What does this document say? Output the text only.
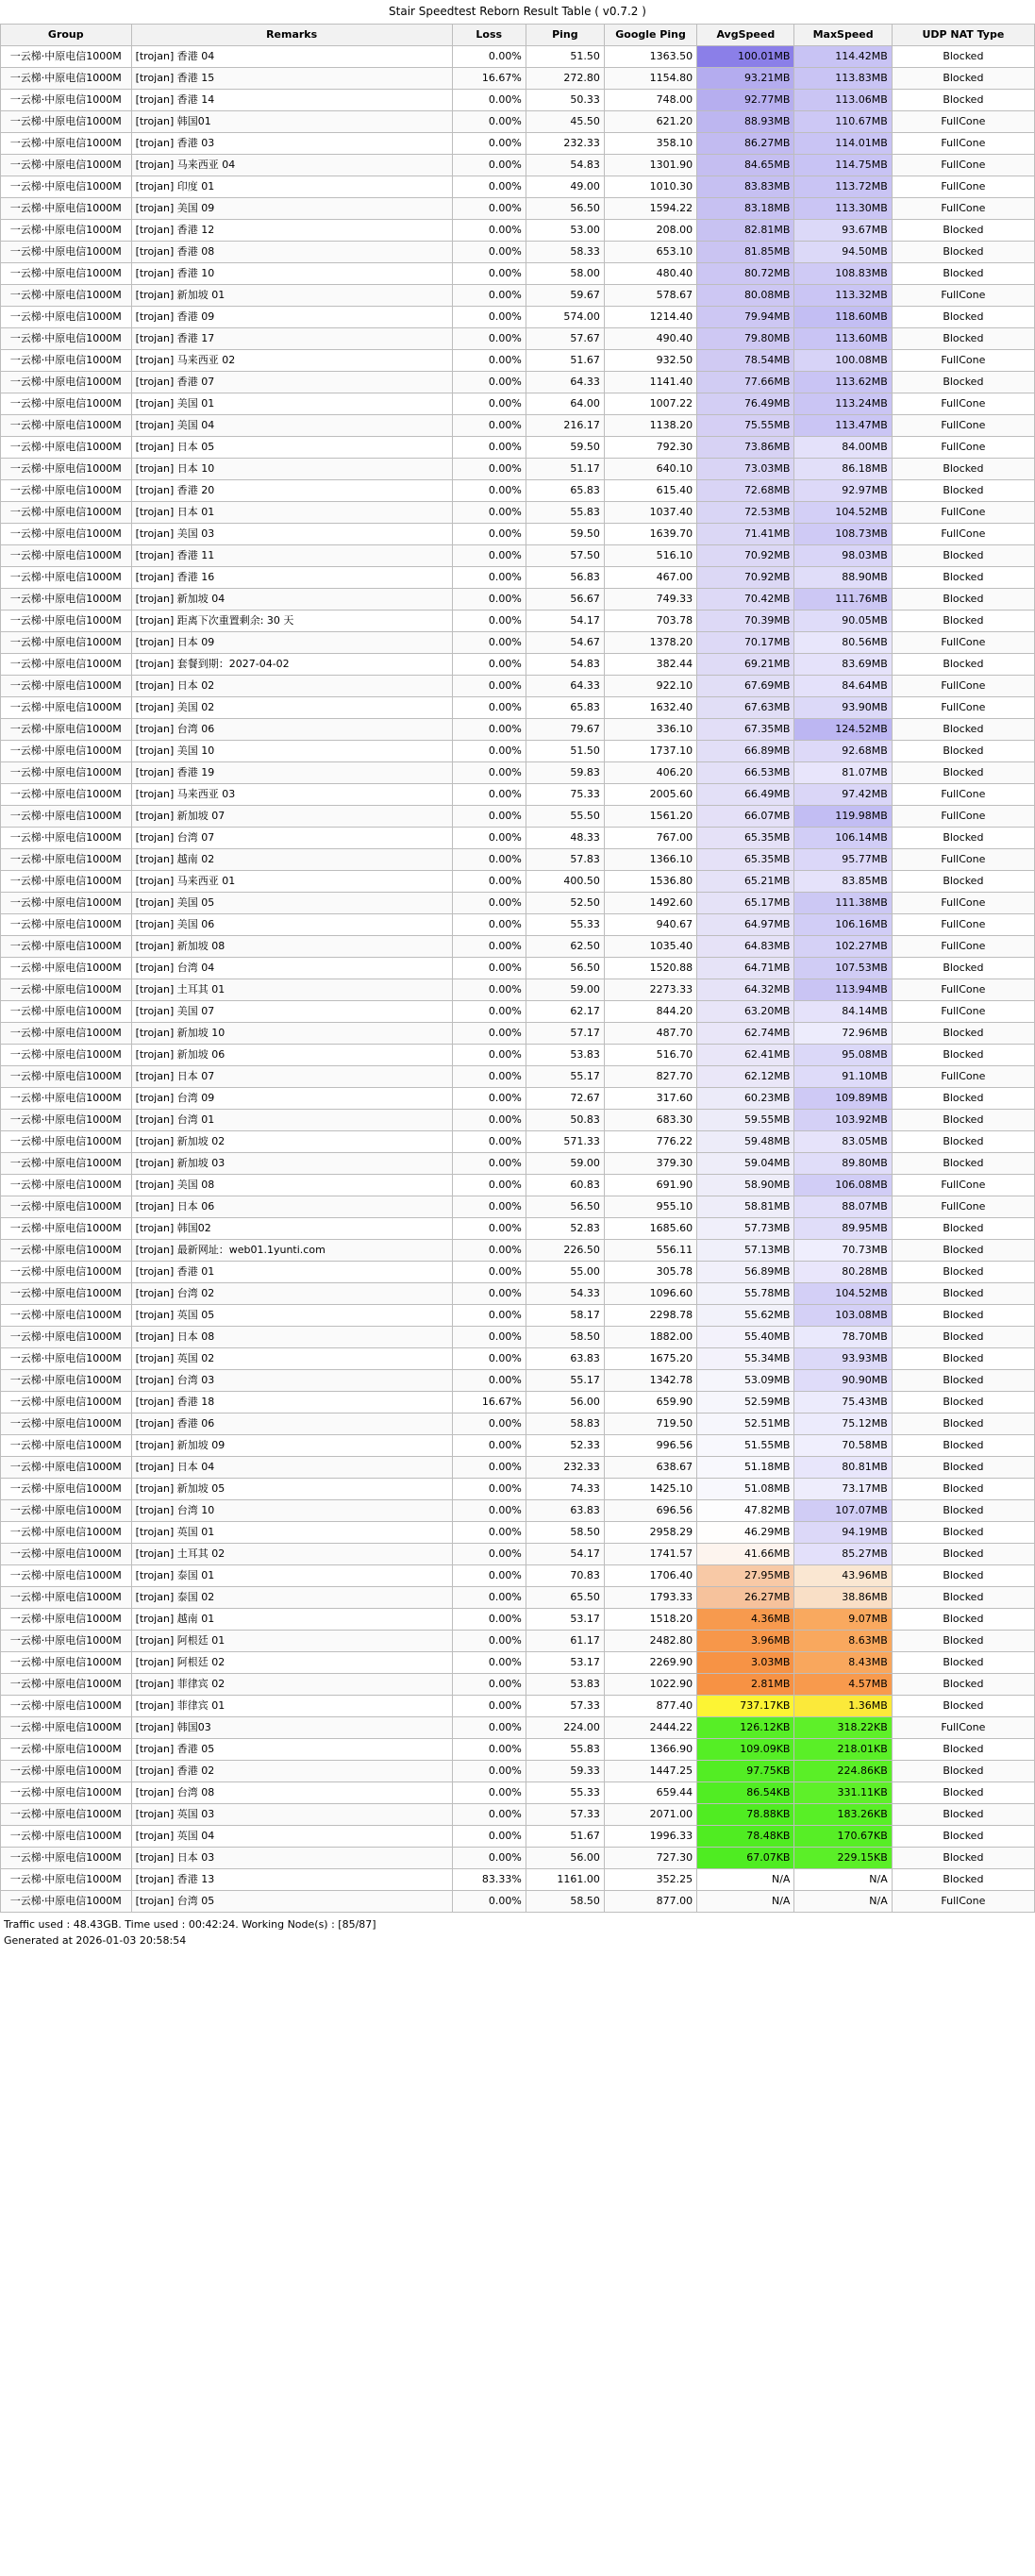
Stair Speedtest Reborn Result Table ( v0.7.2 )
Group	Remarks	Loss	Ping	Google Ping	AvgSpeed	MaxSpeed	UDP NAT Type
一云梯·中原电信1000M	[trojan] 香港 04	0.00%	51.50	1363.50	100.01MB	114.42MB	Blocked
一云梯·中原电信1000M	[trojan] 香港 15	16.67%	272.80	1154.80	93.21MB	113.83MB	Blocked
一云梯·中原电信1000M	[trojan] 香港 14	0.00%	50.33	748.00	92.77MB	113.06MB	Blocked
一云梯·中原电信1000M	[trojan] 韩国01	0.00%	45.50	621.20	88.93MB	110.67MB	FullCone
一云梯·中原电信1000M	[trojan] 香港 03	0.00%	232.33	358.10	86.27MB	114.01MB	FullCone
一云梯·中原电信1000M	[trojan] 马来西亚 04	0.00%	54.83	1301.90	84.65MB	114.75MB	FullCone
一云梯·中原电信1000M	[trojan] 印度 01	0.00%	49.00	1010.30	83.83MB	113.72MB	FullCone
一云梯·中原电信1000M	[trojan] 美国 09	0.00%	56.50	1594.22	83.18MB	113.30MB	FullCone
一云梯·中原电信1000M	[trojan] 香港 12	0.00%	53.00	208.00	82.81MB	93.67MB	Blocked
一云梯·中原电信1000M	[trojan] 香港 08	0.00%	58.33	653.10	81.85MB	94.50MB	Blocked
一云梯·中原电信1000M	[trojan] 香港 10	0.00%	58.00	480.40	80.72MB	108.83MB	Blocked
一云梯·中原电信1000M	[trojan] 新加坡 01	0.00%	59.67	578.67	80.08MB	113.32MB	FullCone
一云梯·中原电信1000M	[trojan] 香港 09	0.00%	574.00	1214.40	79.94MB	118.60MB	Blocked
一云梯·中原电信1000M	[trojan] 香港 17	0.00%	57.67	490.40	79.80MB	113.60MB	Blocked
一云梯·中原电信1000M	[trojan] 马来西亚 02	0.00%	51.67	932.50	78.54MB	100.08MB	FullCone
一云梯·中原电信1000M	[trojan] 香港 07	0.00%	64.33	1141.40	77.66MB	113.62MB	Blocked
一云梯·中原电信1000M	[trojan] 美国 01	0.00%	64.00	1007.22	76.49MB	113.24MB	FullCone
一云梯·中原电信1000M	[trojan] 美国 04	0.00%	216.17	1138.20	75.55MB	113.47MB	FullCone
一云梯·中原电信1000M	[trojan] 日本 05	0.00%	59.50	792.30	73.86MB	84.00MB	FullCone
一云梯·中原电信1000M	[trojan] 日本 10	0.00%	51.17	640.10	73.03MB	86.18MB	Blocked
一云梯·中原电信1000M	[trojan] 香港 20	0.00%	65.83	615.40	72.68MB	92.97MB	Blocked
一云梯·中原电信1000M	[trojan] 日本 01	0.00%	55.83	1037.40	72.53MB	104.52MB	FullCone
一云梯·中原电信1000M	[trojan] 美国 03	0.00%	59.50	1639.70	71.41MB	108.73MB	FullCone
一云梯·中原电信1000M	[trojan] 香港 11	0.00%	57.50	516.10	70.92MB	98.03MB	Blocked
一云梯·中原电信1000M	[trojan] 香港 16	0.00%	56.83	467.00	70.92MB	88.90MB	Blocked
一云梯·中原电信1000M	[trojan] 新加坡 04	0.00%	56.67	749.33	70.42MB	111.76MB	Blocked
一云梯·中原电信1000M	[trojan] 距离下次重置剩余: 30 天	0.00%	54.17	703.78	70.39MB	90.05MB	Blocked
一云梯·中原电信1000M	[trojan] 日本 09	0.00%	54.67	1378.20	70.17MB	80.56MB	FullCone
一云梯·中原电信1000M	[trojan] 套餐到期：2027-04-02	0.00%	54.83	382.44	69.21MB	83.69MB	Blocked
一云梯·中原电信1000M	[trojan] 日本 02	0.00%	64.33	922.10	67.69MB	84.64MB	FullCone
一云梯·中原电信1000M	[trojan] 美国 02	0.00%	65.83	1632.40	67.63MB	93.90MB	FullCone
一云梯·中原电信1000M	[trojan] 台湾 06	0.00%	79.67	336.10	67.35MB	124.52MB	Blocked
一云梯·中原电信1000M	[trojan] 美国 10	0.00%	51.50	1737.10	66.89MB	92.68MB	Blocked
一云梯·中原电信1000M	[trojan] 香港 19	0.00%	59.83	406.20	66.53MB	81.07MB	Blocked
一云梯·中原电信1000M	[trojan] 马来西亚 03	0.00%	75.33	2005.60	66.49MB	97.42MB	FullCone
一云梯·中原电信1000M	[trojan] 新加坡 07	0.00%	55.50	1561.20	66.07MB	119.98MB	FullCone
一云梯·中原电信1000M	[trojan] 台湾 07	0.00%	48.33	767.00	65.35MB	106.14MB	Blocked
一云梯·中原电信1000M	[trojan] 越南 02	0.00%	57.83	1366.10	65.35MB	95.77MB	FullCone
一云梯·中原电信1000M	[trojan] 马来西亚 01	0.00%	400.50	1536.80	65.21MB	83.85MB	Blocked
一云梯·中原电信1000M	[trojan] 美国 05	0.00%	52.50	1492.60	65.17MB	111.38MB	FullCone
一云梯·中原电信1000M	[trojan] 美国 06	0.00%	55.33	940.67	64.97MB	106.16MB	FullCone
一云梯·中原电信1000M	[trojan] 新加坡 08	0.00%	62.50	1035.40	64.83MB	102.27MB	FullCone
一云梯·中原电信1000M	[trojan] 台湾 04	0.00%	56.50	1520.88	64.71MB	107.53MB	Blocked
一云梯·中原电信1000M	[trojan] 土耳其 01	0.00%	59.00	2273.33	64.32MB	113.94MB	FullCone
一云梯·中原电信1000M	[trojan] 美国 07	0.00%	62.17	844.20	63.20MB	84.14MB	FullCone
一云梯·中原电信1000M	[trojan] 新加坡 10	0.00%	57.17	487.70	62.74MB	72.96MB	Blocked
一云梯·中原电信1000M	[trojan] 新加坡 06	0.00%	53.83	516.70	62.41MB	95.08MB	Blocked
一云梯·中原电信1000M	[trojan] 日本 07	0.00%	55.17	827.70	62.12MB	91.10MB	FullCone
一云梯·中原电信1000M	[trojan] 台湾 09	0.00%	72.67	317.60	60.23MB	109.89MB	Blocked
一云梯·中原电信1000M	[trojan] 台湾 01	0.00%	50.83	683.30	59.55MB	103.92MB	Blocked
一云梯·中原电信1000M	[trojan] 新加坡 02	0.00%	571.33	776.22	59.48MB	83.05MB	Blocked
一云梯·中原电信1000M	[trojan] 新加坡 03	0.00%	59.00	379.30	59.04MB	89.80MB	Blocked
一云梯·中原电信1000M	[trojan] 美国 08	0.00%	60.83	691.90	58.90MB	106.08MB	FullCone
一云梯·中原电信1000M	[trojan] 日本 06	0.00%	56.50	955.10	58.81MB	88.07MB	FullCone
一云梯·中原电信1000M	[trojan] 韩国02	0.00%	52.83	1685.60	57.73MB	89.95MB	Blocked
一云梯·中原电信1000M	[trojan] 最新网址：web01.1yunti.com	0.00%	226.50	556.11	57.13MB	70.73MB	Blocked
一云梯·中原电信1000M	[trojan] 香港 01	0.00%	55.00	305.78	56.89MB	80.28MB	Blocked
一云梯·中原电信1000M	[trojan] 台湾 02	0.00%	54.33	1096.60	55.78MB	104.52MB	Blocked
一云梯·中原电信1000M	[trojan] 英国 05	0.00%	58.17	2298.78	55.62MB	103.08MB	Blocked
一云梯·中原电信1000M	[trojan] 日本 08	0.00%	58.50	1882.00	55.40MB	78.70MB	Blocked
一云梯·中原电信1000M	[trojan] 英国 02	0.00%	63.83	1675.20	55.34MB	93.93MB	Blocked
一云梯·中原电信1000M	[trojan] 台湾 03	0.00%	55.17	1342.78	53.09MB	90.90MB	Blocked
一云梯·中原电信1000M	[trojan] 香港 18	16.67%	56.00	659.90	52.59MB	75.43MB	Blocked
一云梯·中原电信1000M	[trojan] 香港 06	0.00%	58.83	719.50	52.51MB	75.12MB	Blocked
一云梯·中原电信1000M	[trojan] 新加坡 09	0.00%	52.33	996.56	51.55MB	70.58MB	Blocked
一云梯·中原电信1000M	[trojan] 日本 04	0.00%	232.33	638.67	51.18MB	80.81MB	Blocked
一云梯·中原电信1000M	[trojan] 新加坡 05	0.00%	74.33	1425.10	51.08MB	73.17MB	Blocked
一云梯·中原电信1000M	[trojan] 台湾 10	0.00%	63.83	696.56	47.82MB	107.07MB	Blocked
一云梯·中原电信1000M	[trojan] 英国 01	0.00%	58.50	2958.29	46.29MB	94.19MB	Blocked
一云梯·中原电信1000M	[trojan] 土耳其 02	0.00%	54.17	1741.57	41.66MB	85.27MB	Blocked
一云梯·中原电信1000M	[trojan] 泰国 01	0.00%	70.83	1706.40	27.95MB	43.96MB	Blocked
一云梯·中原电信1000M	[trojan] 泰国 02	0.00%	65.50	1793.33	26.27MB	38.86MB	Blocked
一云梯·中原电信1000M	[trojan] 越南 01	0.00%	53.17	1518.20	4.36MB	9.07MB	Blocked
一云梯·中原电信1000M	[trojan] 阿根廷 01	0.00%	61.17	2482.80	3.96MB	8.63MB	Blocked
一云梯·中原电信1000M	[trojan] 阿根廷 02	0.00%	53.17	2269.90	3.03MB	8.43MB	Blocked
一云梯·中原电信1000M	[trojan] 菲律宾 02	0.00%	53.83	1022.90	2.81MB	4.57MB	Blocked
一云梯·中原电信1000M	[trojan] 菲律宾 01	0.00%	57.33	877.40	737.17KB	1.36MB	Blocked
一云梯·中原电信1000M	[trojan] 韩国03	0.00%	224.00	2444.22	126.12KB	318.22KB	FullCone
一云梯·中原电信1000M	[trojan] 香港 05	0.00%	55.83	1366.90	109.09KB	218.01KB	Blocked
一云梯·中原电信1000M	[trojan] 香港 02	0.00%	59.33	1447.25	97.75KB	224.86KB	Blocked
一云梯·中原电信1000M	[trojan] 台湾 08	0.00%	55.33	659.44	86.54KB	331.11KB	Blocked
一云梯·中原电信1000M	[trojan] 英国 03	0.00%	57.33	2071.00	78.88KB	183.26KB	Blocked
一云梯·中原电信1000M	[trojan] 英国 04	0.00%	51.67	1996.33	78.48KB	170.67KB	Blocked
一云梯·中原电信1000M	[trojan] 日本 03	0.00%	56.00	727.30	67.07KB	229.15KB	Blocked
一云梯·中原电信1000M	[trojan] 香港 13	83.33%	1161.00	352.25	N/A	N/A	Blocked
一云梯·中原电信1000M	[trojan] 台湾 05	0.00%	58.50	877.00	N/A	N/A	FullCone
Traffic used : 48.43GB. Time used : 00:42:24. Working Node(s) : [85/87]
Generated at 2026-01-03 20:58:54
